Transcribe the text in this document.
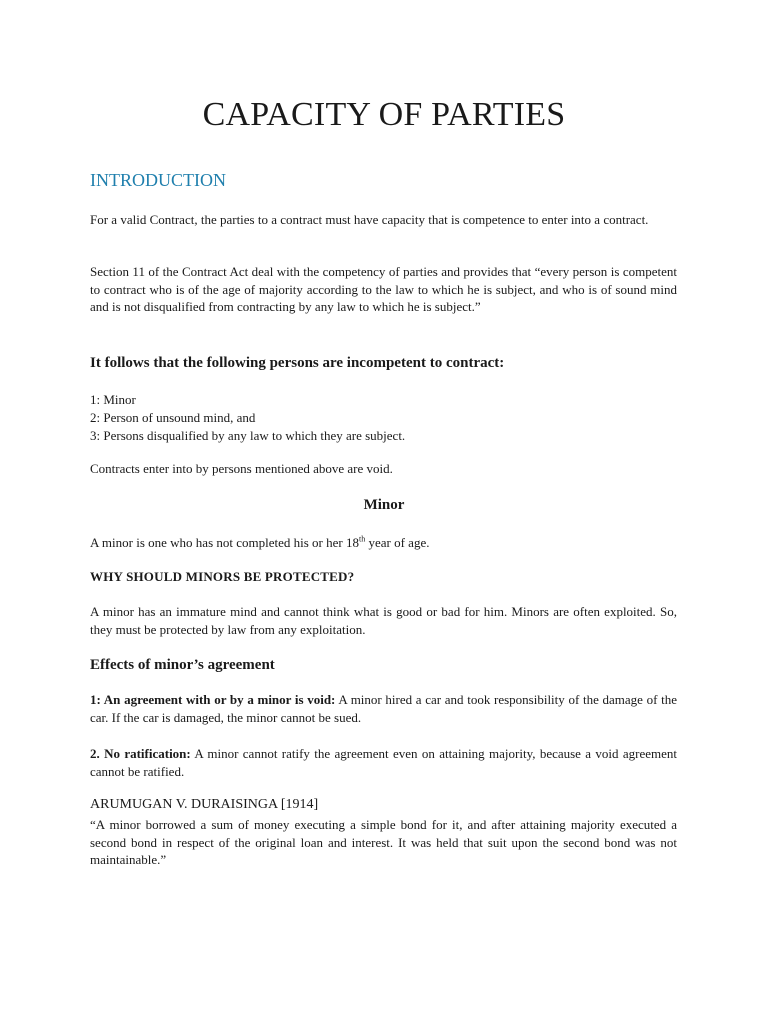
CAPACITY OF PARTIES
INTRODUCTION

For a valid Contract, the parties to a contract must have capacity that is competence to enter into a contract.

Section 11 of the Contract Act deal with the competency of parties and provides that “every person is competent to contract who is of the age of majority according to the law to which he is subject, and who is of sound mind and is not disqualified from contracting by any law to which he is subject.”

It follows that the following persons are incompetent to contract:
1: Minor
2: Person of unsound mind, and
3: Persons disqualified by any law to which they are subject.

Contracts enter into by persons mentioned above are void.

Minor

A minor is one who has not completed his or her 18th year of age.

WHY SHOULD MINORS BE PROTECTED?

A minor has an immature mind and cannot think what is good or bad for him. Minors are often exploited. So, they must be protected by law from any exploitation.

Effects of minor’s agreement

1: An agreement with or by a minor is void: A minor hired a car and took responsibility of the damage of the car. If the car is damaged, the minor cannot be sued.

2. No ratification: A minor cannot ratify the agreement even on attaining majority, because a void agreement cannot be ratified.

ARUMUGAN V. DURAISINGA [1914]

“A minor borrowed a sum of money executing a simple bond for it, and after attaining majority executed a second bond in respect of the original loan and interest. It was held that suit upon the second bond was not maintainable.”
